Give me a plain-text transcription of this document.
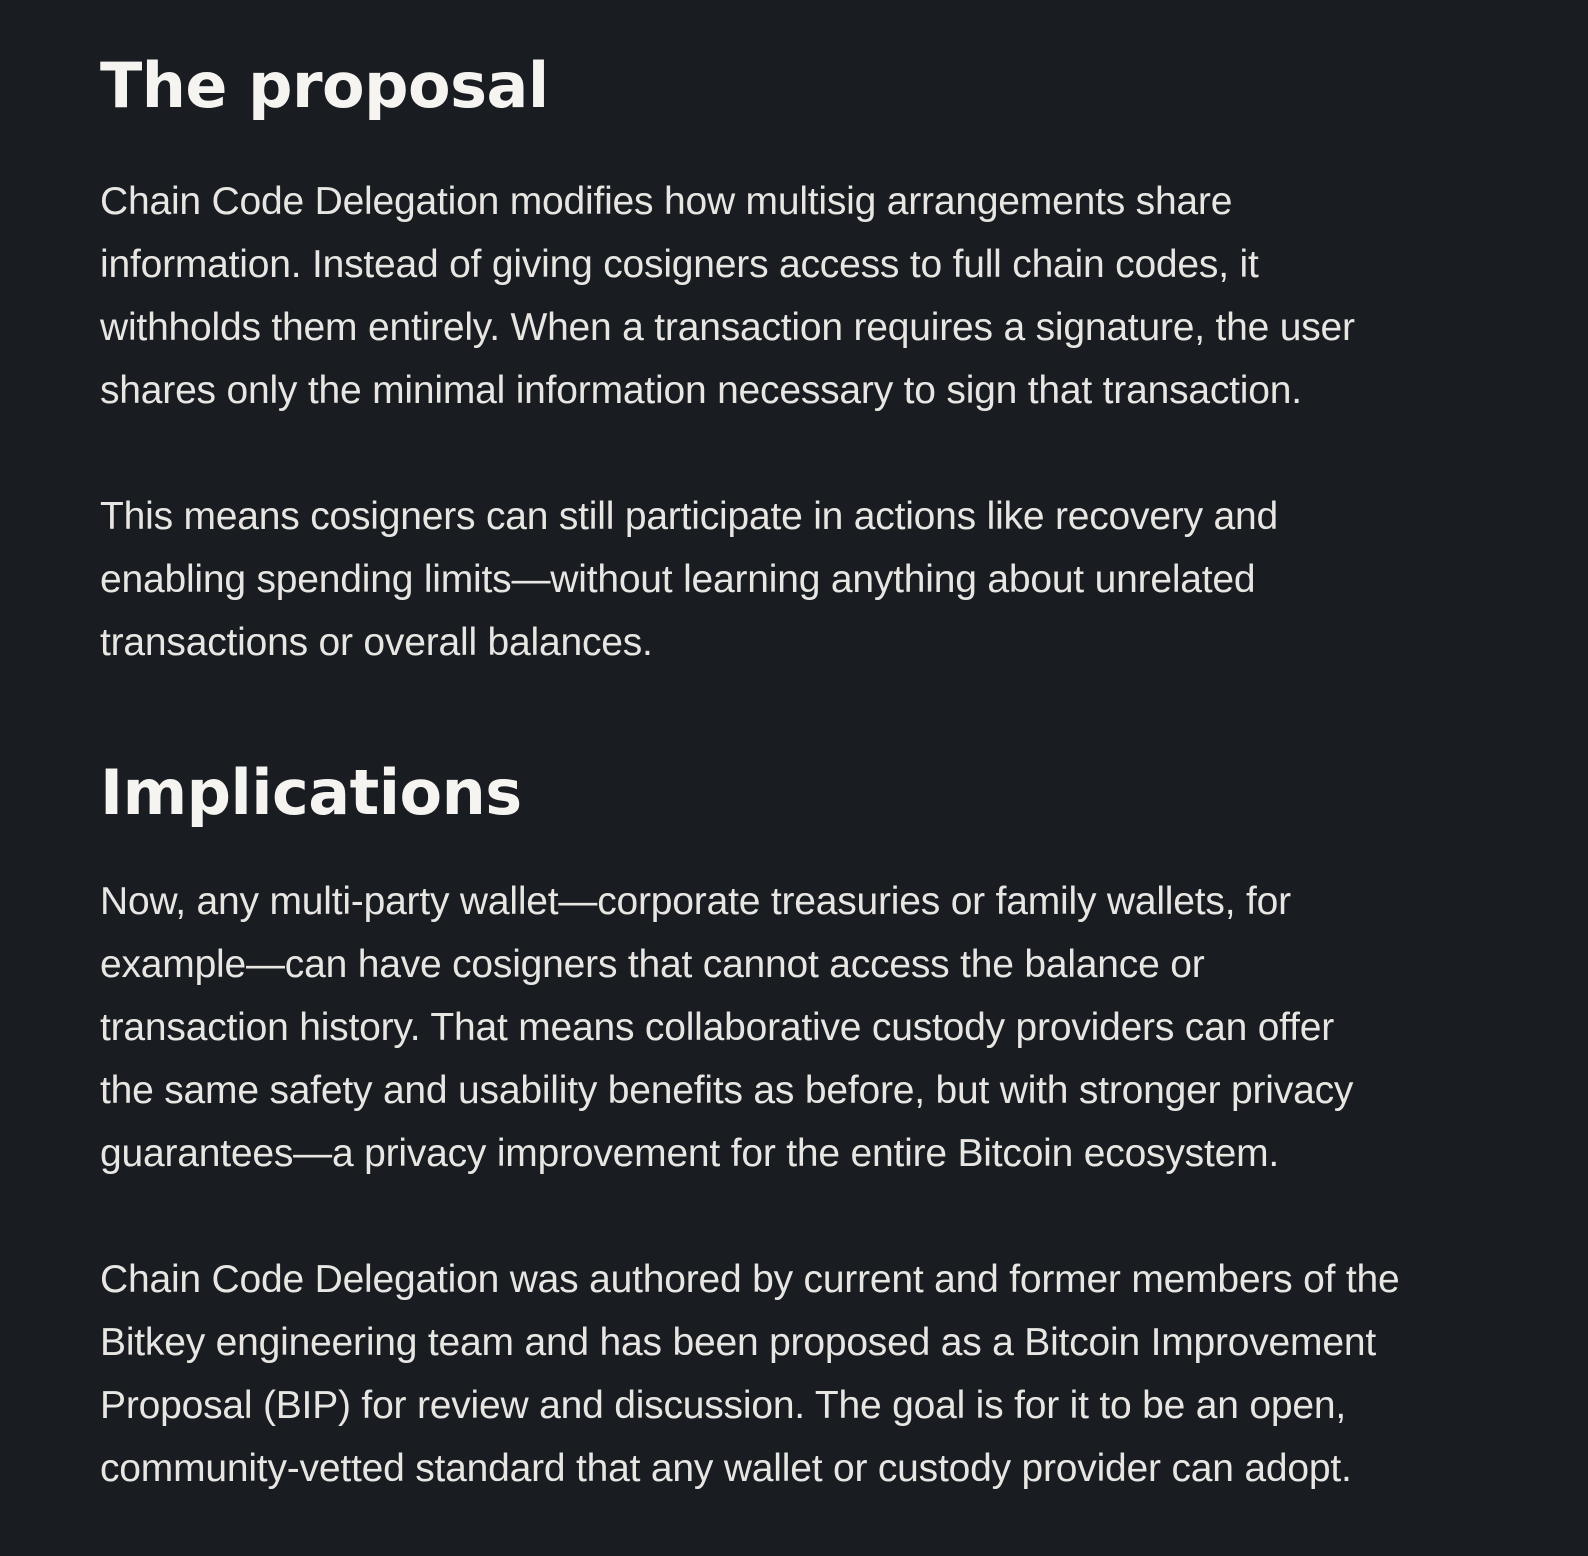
The proposal

Chain Code Delegation modifies how multisig arrangements share
information. Instead of giving cosigners access to full chain codes, it
withholds them entirely. When a transaction requires a signature, the user
shares only the minimal information necessary to sign that transaction.

This means cosigners can still participate in actions like recovery and
enabling spending limits—without learning anything about unrelated
transactions or overall balances.

Implications

Now, any multi-party wallet—corporate treasuries or family wallets, for
example—can have cosigners that cannot access the balance or
transaction history. That means collaborative custody providers can offer
the same safety and usability benefits as before, but with stronger privacy
guarantees—a privacy improvement for the entire Bitcoin ecosystem.

Chain Code Delegation was authored by current and former members of the
Bitkey engineering team and has been proposed as a Bitcoin Improvement
Proposal (BIP) for review and discussion. The goal is for it to be an open,
community-vetted standard that any wallet or custody provider can adopt.
